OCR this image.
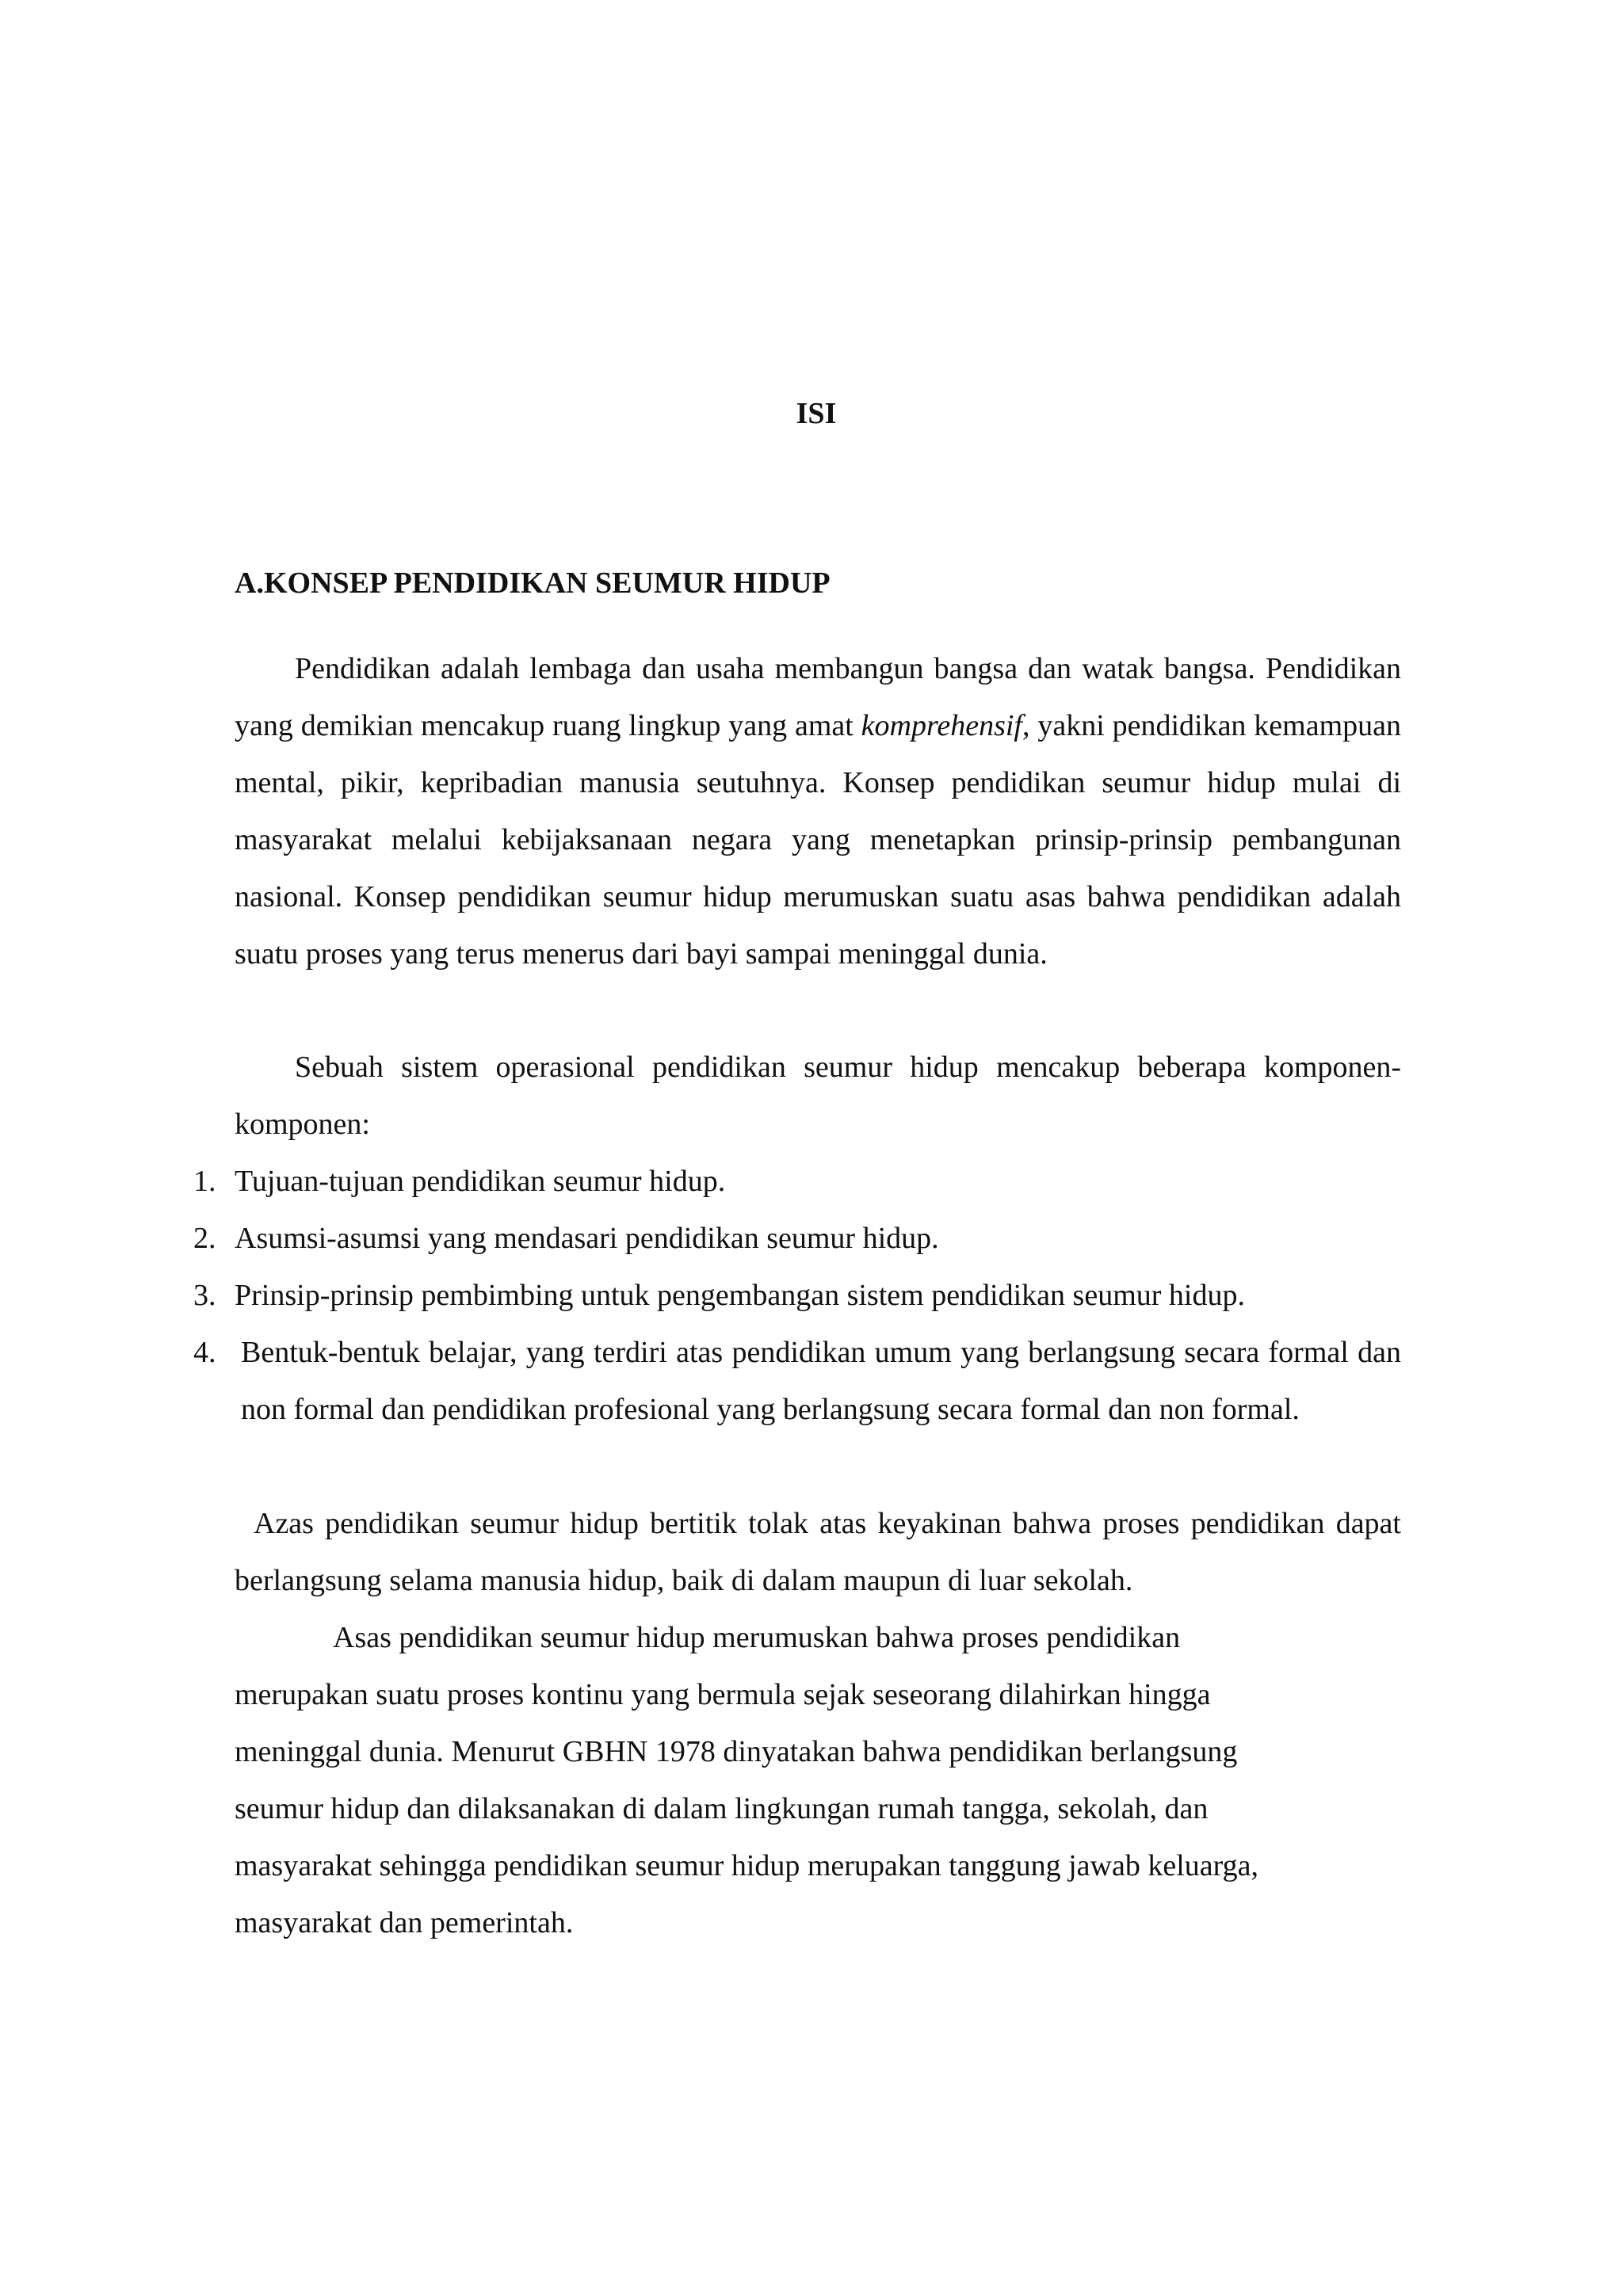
ISI
A.KONSEP PENDIDIKAN SEUMUR HIDUP

Pendidikan adalah lembaga dan usaha membangun bangsa dan watak bangsa. Pendidikan yang demikian mencakup ruang lingkup yang amat komprehensif, yakni pendidikan kemampuan mental, pikir, kepribadian manusia seutuhnya. Konsep pendidikan seumur hidup mulai di masyarakat melalui kebijaksanaan negara yang menetapkan prinsip-prinsip pembangunan nasional. Konsep pendidikan seumur hidup merumuskan suatu asas bahwa pendidikan adalah suatu proses yang terus menerus dari bayi sampai meninggal dunia.

Sebuah sistem operasional pendidikan seumur hidup mencakup beberapa komponen-komponen:

1. Tujuan-tujuan pendidikan seumur hidup.
2. Asumsi-asumsi yang mendasari pendidikan seumur hidup.
3. Prinsip-prinsip pembimbing untuk pengembangan sistem pendidikan seumur hidup.
4. Bentuk-bentuk belajar, yang terdiri atas pendidikan umum yang berlangsung secara formal dan non formal dan pendidikan profesional yang berlangsung secara formal dan non formal.
Azas pendidikan seumur hidup bertitik tolak atas keyakinan bahwa proses pendidikan dapat berlangsung selama manusia hidup, baik di dalam maupun di luar sekolah.
Asas pendidikan seumur hidup merumuskan bahwa proses pendidikan
merupakan suatu proses kontinu yang bermula sejak seseorang dilahirkan hingga
meninggal dunia. Menurut GBHN 1978 dinyatakan bahwa pendidikan berlangsung
seumur hidup dan dilaksanakan di dalam lingkungan rumah tangga, sekolah, dan
masyarakat sehingga pendidikan seumur hidup merupakan tanggung jawab keluarga,
masyarakat dan pemerintah.
